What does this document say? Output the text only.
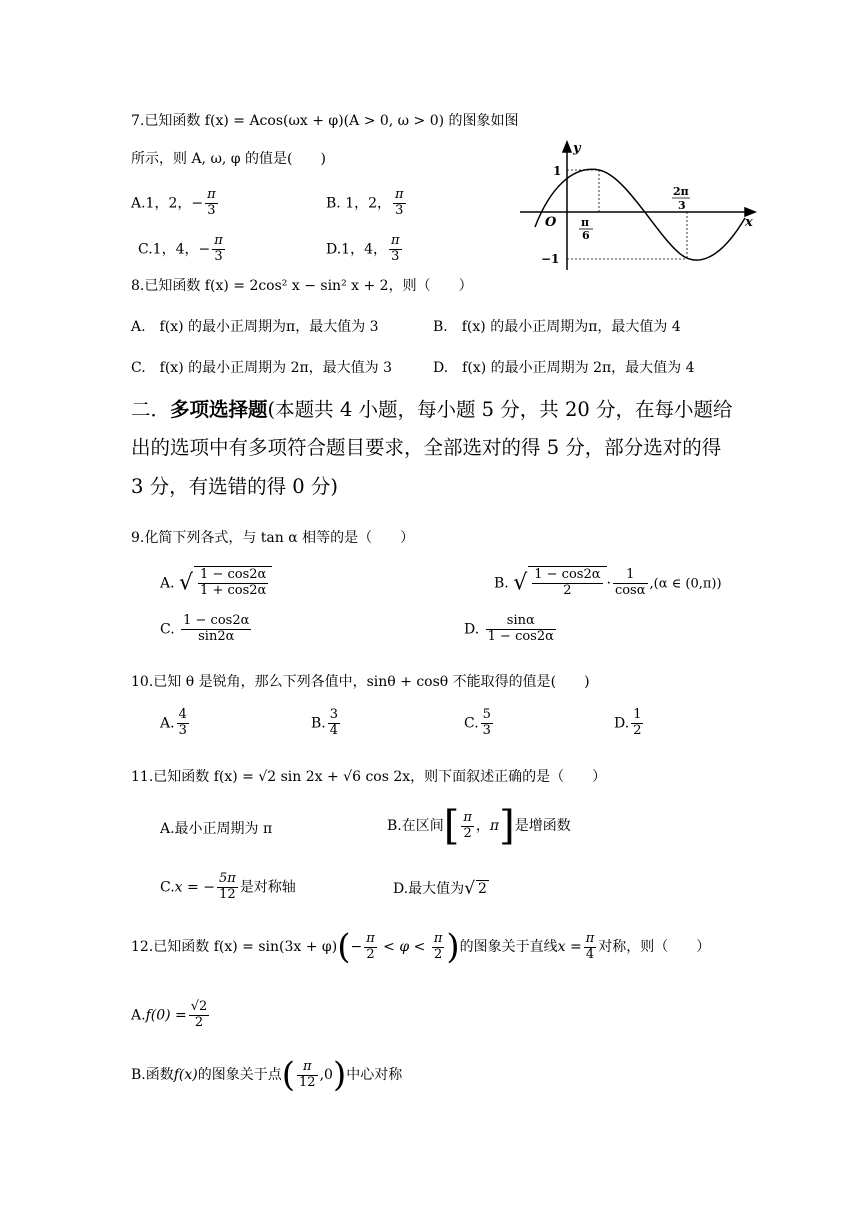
7.已知函数 f(x) = Acos(ωx + φ)(A > 0, ω > 0) 的图象如图
所示，则 A, ω, φ 的值是(　　)
A.1，2，− $\frac{\pi}{3}$	B. 1，2， $\frac{\pi}{3}$
C.1，4，− $\frac{\pi}{3}$	D.1，4， $\frac{\pi}{3}$
y
x
O
1
−1
π
6
2π
3
8.已知函数 f(x) = 2cos² x − sin² x + 2，则（　　）
A.　f(x) 的最小正周期为π，最大值为 3	B.　f(x) 的最小正周期为π，最大值为 4
C.　f(x) 的最小正周期为 2π，最大值为 3	D.　f(x) 的最小正周期为 2π，最大值为 4
二．多项选择题(本题共 4 小题，每小题 5 分，共 20 分，在每小题给
出的选项中有多项符合题目要求，全部选对的得 5 分，部分选对的得
3 分，有选错的得 0 分)
9.化简下列各式，与 tan α 相等的是（　　）
A. √ $\frac{1 - \cos 2\alpha}{1 + \cos 2\alpha}$	B. √ $\frac{1 - \cos 2\alpha}{2} \cdot \frac{1}{\cos\alpha} ,(\alpha$ ∈ (0,π))
C. $\frac{1 - \cos 2\alpha}{\sin 2\alpha}$	D. $\frac{\sin\alpha}{1 - \cos 2\alpha}$
10.已知 θ 是锐角，那么下列各值中，sinθ + cosθ 不能取得的值是(　　)
A. $\frac{4}{3}$	B. $\frac{3}{4}$	C. $\frac{5}{3}$	D. $\frac{1}{2}$
11.已知函数 f(x) = √2 sin 2x + √6 cos 2x，则下面叙述正确的是（　　）
A.最小正周期为 π	B.在区间[ $\frac{\pi}{2}$ ，π]是增函数
C.x = − $\frac{5\pi}{12}$ 是对称轴	D.最大值为√ 2
12.已知函数 $f(x) = \sin(3x + \varphi)(- \frac{\pi}{2} < \varphi < \frac{\pi}{2}$ )的图象关于直线$x = \frac{\pi}{4}$ 对称，则（　　）
$A.f(0) = \frac{√2}{2}$
B.函数f(x)的图象关于点( $\frac{\pi}{12} ,0$)中心对称
